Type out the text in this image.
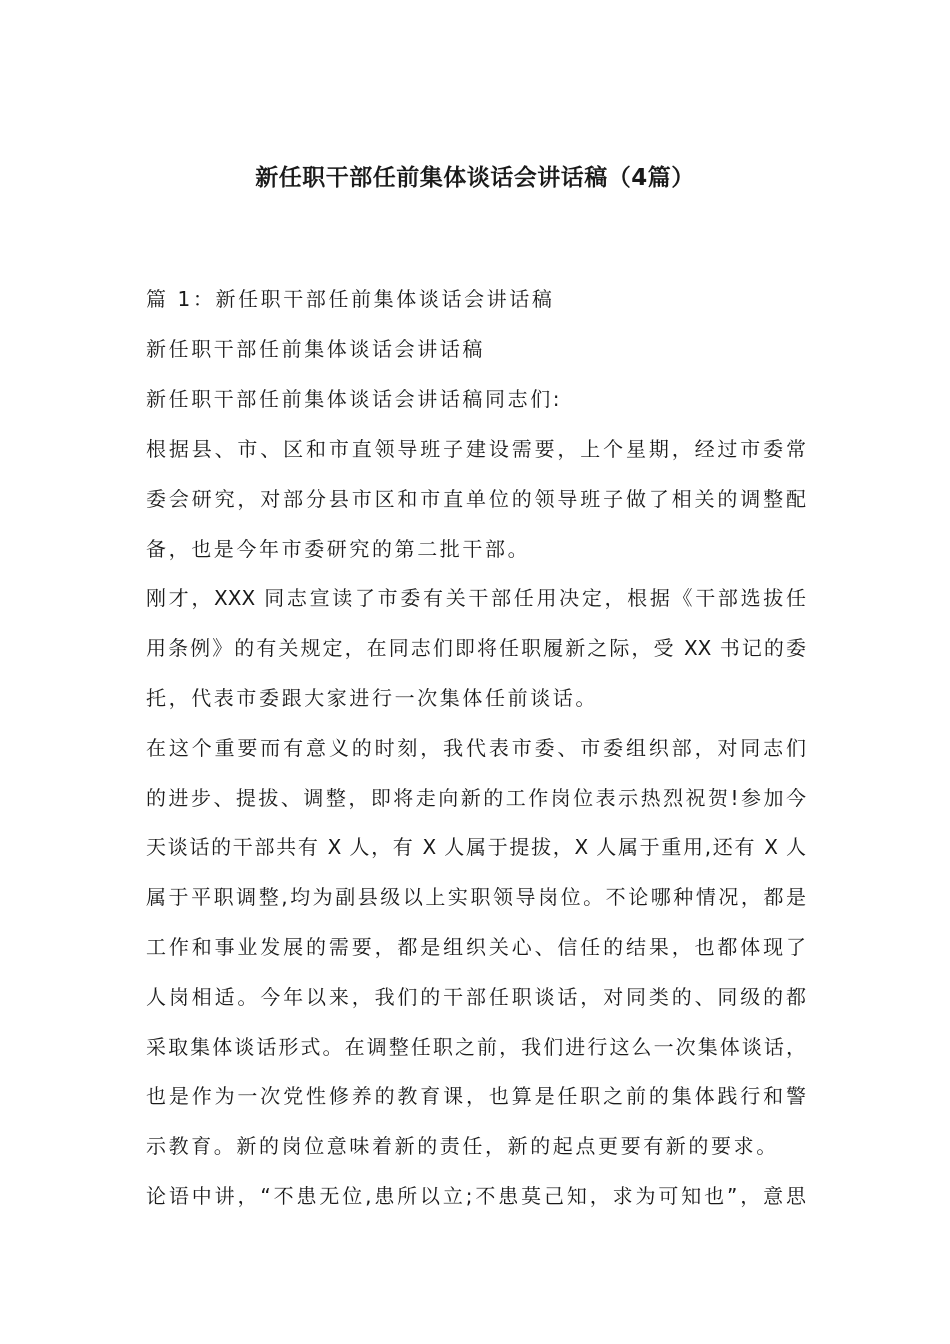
新任职干部任前集体谈话会讲话稿（4篇）

篇 1：新任职干部任前集体谈话会讲话稿

新任职干部任前集体谈话会讲话稿

新任职干部任前集体谈话会讲话稿同志们:

根据县、市、区和市直领导班子建设需要，上个星期，经过市委常

委会研究，对部分县市区和市直单位的领导班子做了相关的调整配

备，也是今年市委研究的第二批干部。

刚才，XXX 同志宣读了市委有关干部任用决定，根据《干部选拔任

用条例》的有关规定，在同志们即将任职履新之际，受 XX 书记的委

托，代表市委跟大家进行一次集体任前谈话。

在这个重要而有意义的时刻，我代表市委、市委组织部，对同志们

的进步、提拔、调整，即将走向新的工作岗位表示热烈祝贺!参加今

天谈话的干部共有 X 人，有 X 人属于提拔，X 人属于重用,还有 X 人

属于平职调整,均为副县级以上实职领导岗位。不论哪种情况，都是

工作和事业发展的需要，都是组织关心、信任的结果，也都体现了

人岗相适。今年以来，我们的干部任职谈话，对同类的、同级的都

采取集体谈话形式。在调整任职之前，我们进行这么一次集体谈话，

也是作为一次党性修养的教育课，也算是任职之前的集体践行和警

示教育。新的岗位意味着新的责任，新的起点更要有新的要求。

论语中讲，“不患无位,患所以立;不患莫己知，求为可知也”，意思
